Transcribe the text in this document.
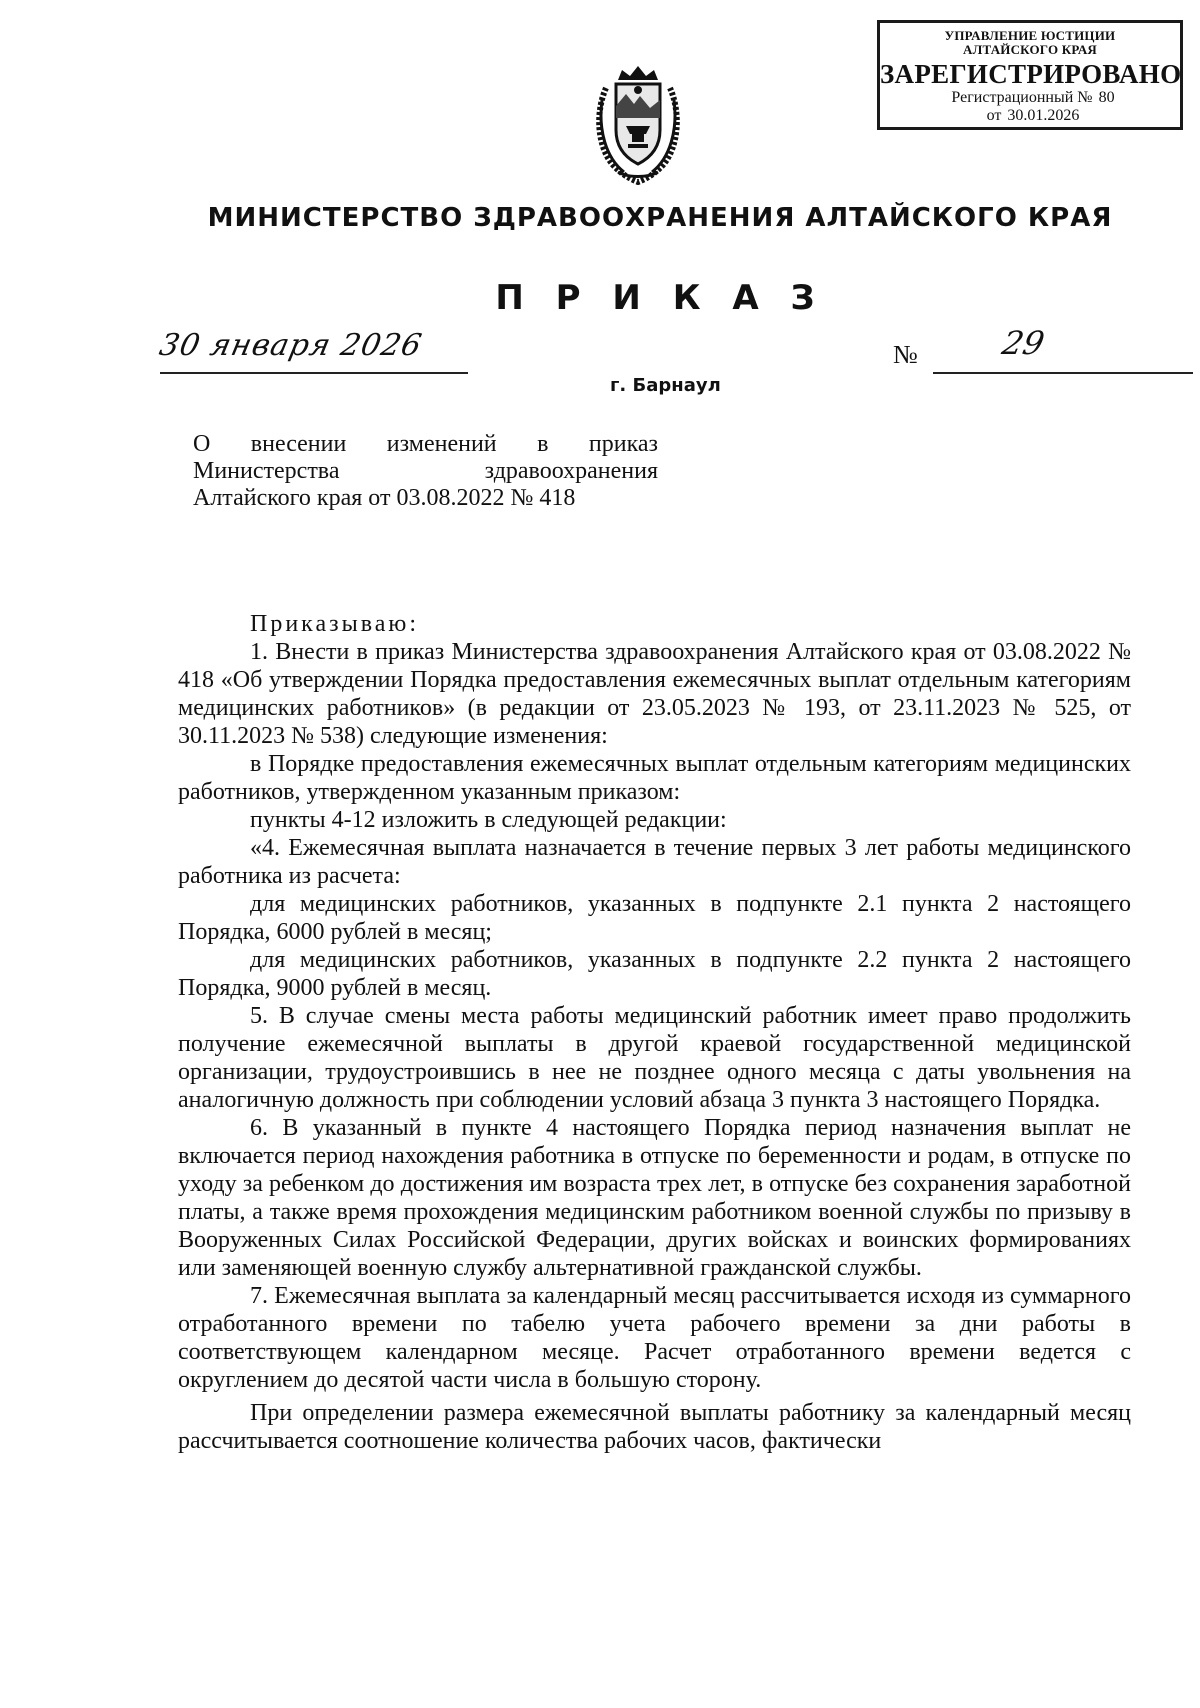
УПРАВЛЕНИЕ ЮСТИЦИИ
АЛТАЙСКОГО КРАЯ
ЗАРЕГИСТРИРОВАНО
Регистрационный № 80
от 30.01.2026
МИНИСТЕРСТВО ЗДРАВООХРАНЕНИЯ АЛТАЙСКОГО КРАЯ
П Р И К А З
30 января 2026	№	29
г. Барнаул
О внесении изменений в приказ
Министерства здравоохранения
Алтайского края от 03.08.2022 № 418

Приказываю:

1. Внести в приказ Министерства здравоохранения Алтайского края от 03.08.2022 № 418 «Об утверждении Порядка предоставления ежемесячных выплат отдельным категориям медицинских работников» (в редакции от 23.05.2023 № 193, от 23.11.2023 № 525, от 30.11.2023 № 538) следующие изменения:

в Порядке предоставления ежемесячных выплат отдельным категориям медицинских работников, утвержденном указанным приказом:

пункты 4-12 изложить в следующей редакции:

«4. Ежемесячная выплата назначается в течение первых 3 лет работы медицинского работника из расчета:

для медицинских работников, указанных в подпункте 2.1 пункта 2 настоящего Порядка, 6000 рублей в месяц;

для медицинских работников, указанных в подпункте 2.2 пункта 2 настоящего Порядка, 9000 рублей в месяц.

5. В случае смены места работы медицинский работник имеет право продолжить получение ежемесячной выплаты в другой краевой государственной медицинской организации, трудоустроившись в нее не позднее одного месяца с даты увольнения на аналогичную должность при соблюдении условий абзаца 3 пункта 3 настоящего Порядка.

6. В указанный в пункте 4 настоящего Порядка период назначения выплат не включается период нахождения работника в отпуске по беременности и родам, в отпуске по уходу за ребенком до достижения им возраста трех лет, в отпуске без сохранения заработной платы, а также время прохождения медицинским работником военной службы по призыву в Вооруженных Силах Российской Федерации, других войсках и воинских формированиях или заменяющей военную службу альтернативной гражданской службы.

7. Ежемесячная выплата за календарный месяц рассчитывается исходя из суммарного отработанного времени по табелю учета рабочего времени за дни работы в соответствующем календарном месяце. Расчет отработанного времени ведется с округлением до десятой части числа в большую сторону.

При определении размера ежемесячной выплаты работнику за календарный месяц рассчитывается соотношение количества рабочих часов, фактически
